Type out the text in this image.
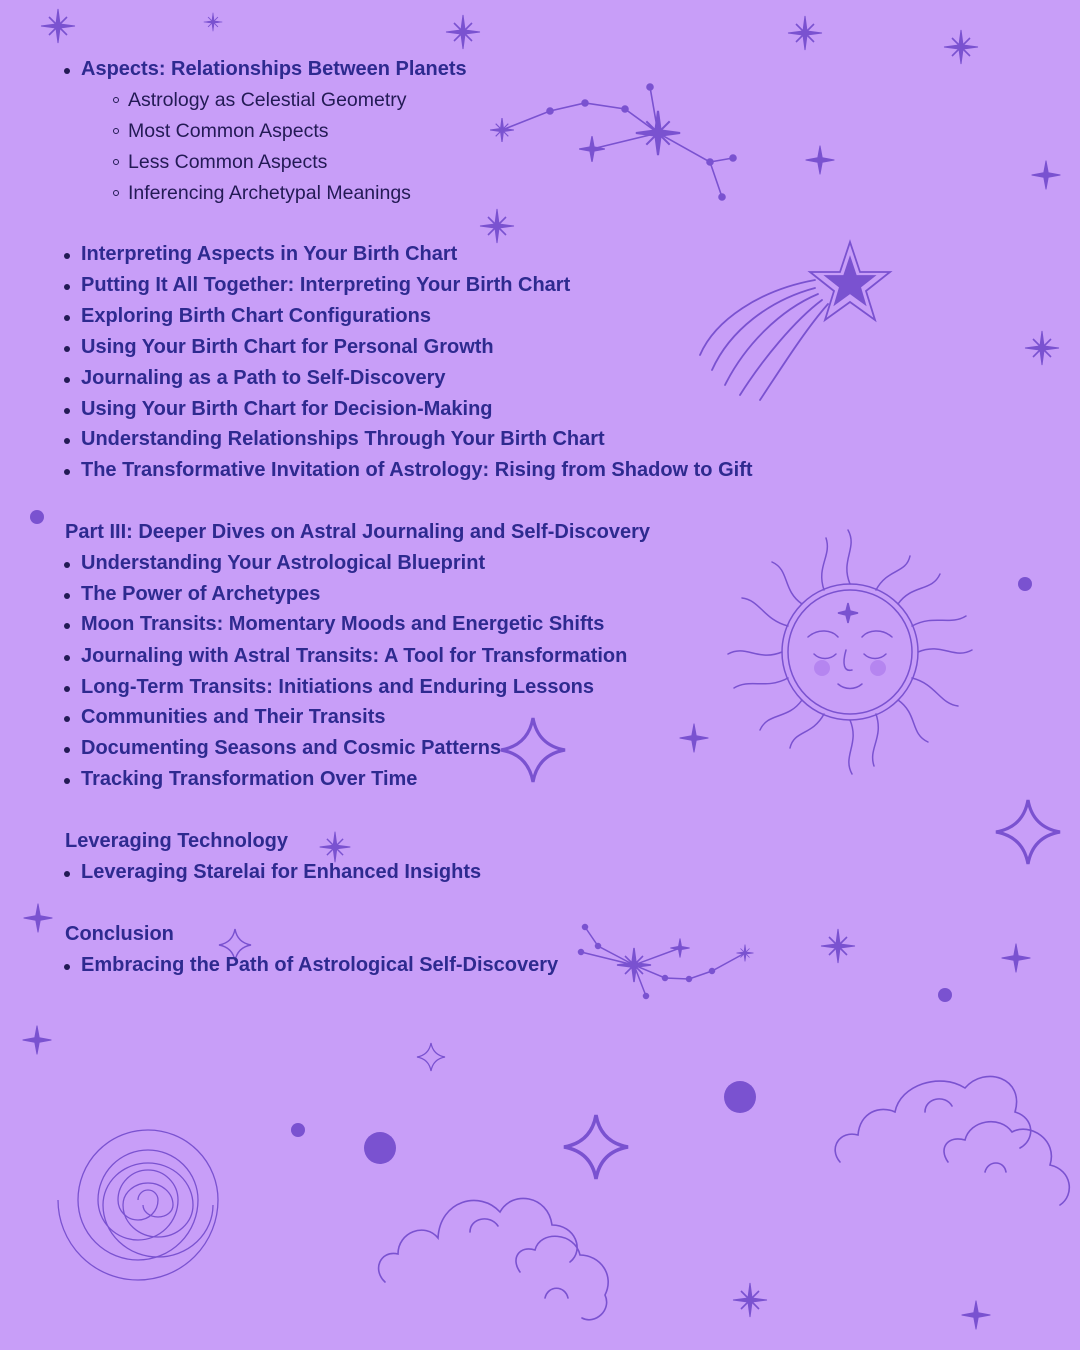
Aspects: Relationships Between Planets

Astrology as Celestial Geometry

Most Common Aspects

Less Common Aspects

Inferencing Archetypal Meanings

Interpreting Aspects in Your Birth Chart

Putting It All Together: Interpreting Your Birth Chart

Exploring Birth Chart Configurations

Using Your Birth Chart for Personal Growth

Journaling as a Path to Self-Discovery

Using Your Birth Chart for Decision-Making

Understanding Relationships Through Your Birth Chart

The Transformative Invitation of Astrology: Rising from Shadow to Gift

Part III: Deeper Dives on Astral Journaling and Self-Discovery

Understanding Your Astrological Blueprint

The Power of Archetypes

Moon Transits: Momentary Moods and Energetic Shifts

Journaling with Astral Transits: A Tool for Transformation

Long-Term Transits: Initiations and Enduring Lessons

Communities and Their Transits

Documenting Seasons and Cosmic Patterns

Tracking Transformation Over Time

Leveraging Technology

Leveraging Starelai for Enhanced Insights

Conclusion

Embracing the Path of Astrological Self-Discovery
